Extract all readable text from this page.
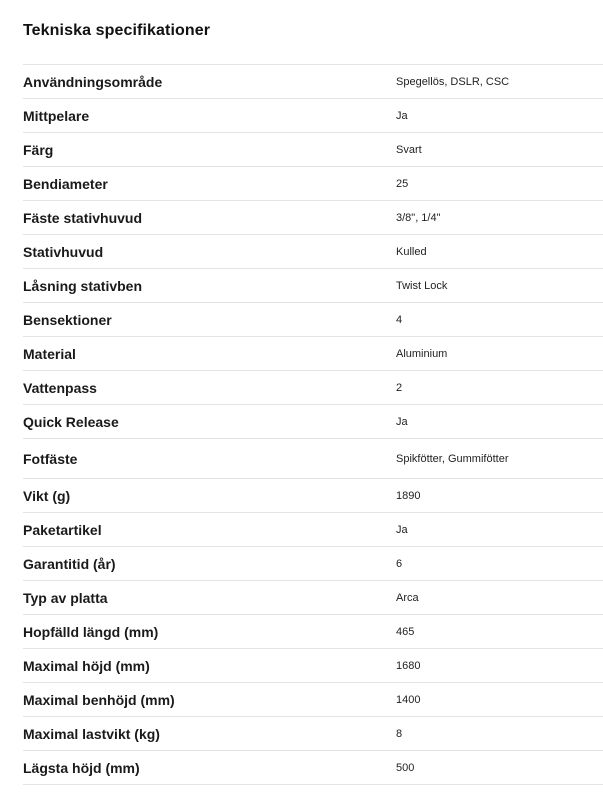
Tekniska specifikationer
Användningsområde	Spegellös, DSLR, CSC
Mittpelare	Ja
Färg	Svart
Bendiameter	25
Fäste stativhuvud	3/8", 1/4"
Stativhuvud	Kulled
Låsning stativben	Twist Lock
Bensektioner	4
Material	Aluminium
Vattenpass	2
Quick Release	Ja
Fotfäste	Spikfötter, Gummifötter
Vikt (g)	1890
Paketartikel	Ja
Garantitid (år)	6
Typ av platta	Arca
Hopfälld längd (mm)	465
Maximal höjd (mm)	1680
Maximal benhöjd (mm)	1400
Maximal lastvikt (kg)	8
Lägsta höjd (mm)	500
